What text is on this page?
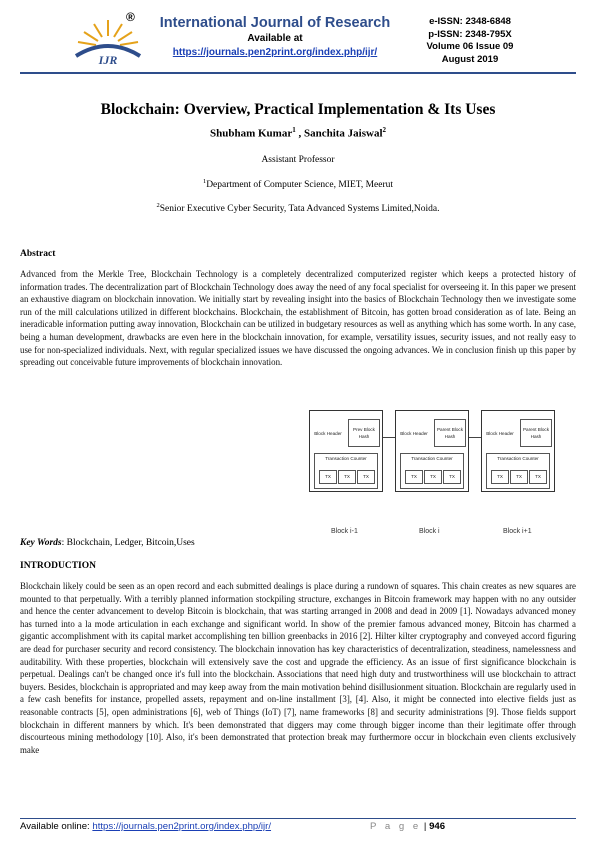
IJR
®	International Journal of Research
Available at
https://journals.pen2print.org/index.php/ijr/
e-ISSN: 2348-6848
p-ISSN: 2348-795X
Volume 06 Issue 09
August 2019
Blockchain: Overview, Practical Implementation & Its Uses
Shubham Kumar$^1$ , Sanchita Jaiswal$^2$
Assistant Professor
$^1$Department of Computer Science, MIET, Meerut
$^2$Senior Executive Cyber Security, Tata Advanced Systems Limited,Noida.
Abstract
Advanced from the Merkle Tree, Blockchain Technology is a completely decentralized computerized register which keeps a protected history of information trades. The decentralization part of Blockchain Technology does away the need of any focal specialist for overseeing it. In this paper we present an exhaustive diagram on blockchain innovation. We initially start by revealing insight into the basics of Blockchain Technology then we investigate some run of the mill calculations utilized in different blockchains. Blockchain, the establishment of Bitcoin, has gotten broad consideration as of late. Being an ineradicable information putting away innovation, Blockchain can be utilized in budgetary resources as well as anything which has some worth. In any case, being a human development, drawbacks are even here in the blockchain innovation, for example, versatility issues, security issues, and not really easy to use for non-specialized individuals. Next, with regular specialized issues we have discussed the ongoing advances. We in conclusion finish up this paper by spreading out conceivable future improvements of blockchain innovation.
Block Header
Prev Block
Hash
Transaction Counter
TX	TX	TX
Block i-1
Block Header
Parent Block
Hash
Transaction Counter
TX	TX	TX
Block i
Block Header
Parent Block
Hash
Transaction Counter
TX	TX	TX
Block i+1
Key Words: Blockchain, Ledger, Bitcoin,Uses
INTRODUCTION
Blockchain likely could be seen as an open record and each submitted dealings is place during a rundown of squares. This chain creates as new squares are mounted to that perpetually. With a terribly planned information stockpiling structure, exchanges in Bitcoin framework may happen with no any outsider and hence the center advancement to develop Bitcoin is blockchain, that was starting arranged in 2008 and dead in 2009 [1]. Nowadays advanced money has turned into a la mode articulation in each exchange and significant world. In show of the premier famous advanced money, Bitcoin has charmed a gigantic accomplishment with its capital market accomplishing ten billion greenbacks in 2016 [2]. Hilter kilter cryptography and conveyed accord figuring are dead for purchaser security and record consistency. The blockchain innovation has key characteristics of decentralization, steadiness, namelessness and auditability. With these properties, blockchain will extensively save the cost and upgrade the efficiency. As an issue of first significance blockchain is perpetual. Dealings can't be changed once it's full into the blockchain. Associations that need high duty and trustworthiness will use blockchain to attract buyers. Besides, blockchain is appropriated and may keep away from the main motivation behind disillusionment situation. Blockchain are regularly used in a few cash benefits for instance, propelled assets, repayment and on-line installment [3], [4]. Also, it might be connected into elective fields just as reasonable contracts [5], open administrations [6], web of Things (IoT) [7], name frameworks [8] and security administrations [9]. Those fields support blockchain in different manners by which. It's been demonstrated that diggers may come through bigger income than their legitimate offer through discourteous mining methodology [10]. Also, it's been demonstrated that protection break may furthermore occur in blockchain even clients exclusively make
Available online: https://journals.pen2print.org/index.php/ijr/	P a g e | 946
